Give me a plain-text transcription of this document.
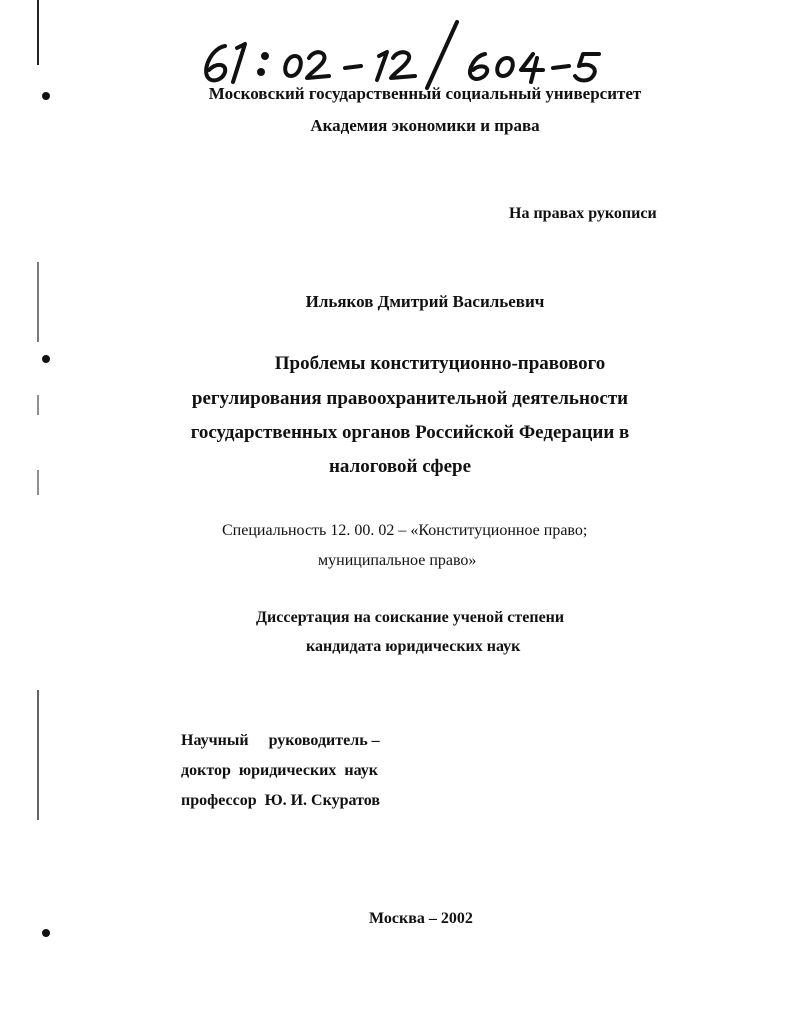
Московский государственный социальный университет
Академия экономики и права
На правах рукописи
Ильяков Дмитрий Васильевич
Проблемы конституционно-правового
регулирования правоохранительной деятельности
государственных органов Российской Федерации в
налоговой сфере
Специальность 12. 00. 02 – «Конституционное право;
муниципальное право»
Диссертация на соискание ученой степени
кандидата юридических наук
Научный     руководитель –
доктор  юридических  наук
профессор  Ю. И. Скуратов
Москва – 2002
